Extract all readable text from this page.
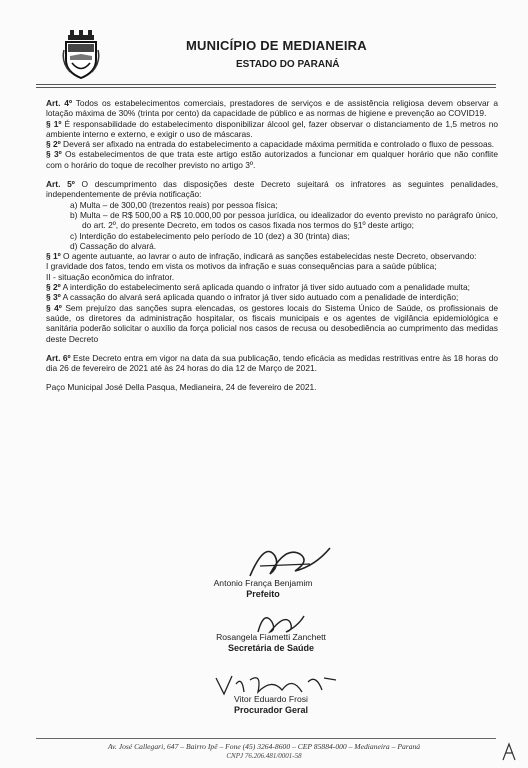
MUNICÍPIO DE MEDIANEIRA
ESTADO DO PARANÁ

Art. 4º Todos os estabelecimentos comerciais, prestadores de serviços e de assistência religiosa devem observar a lotação máxima de 30% (trinta por cento) da capacidade de público e as normas de higiene e prevenção ao COVID19.

§ 1º É responsabilidade do estabelecimento disponibilizar álcool gel, fazer observar o distanciamento de 1,5 metros no ambiente interno e externo, e exigir o uso de máscaras.

§ 2º Deverá ser afixado na entrada do estabelecimento a capacidade máxima permitida e controlado o fluxo de pessoas.

§ 3º Os estabelecimentos de que trata este artigo estão autorizados a funcionar em qualquer horário que não conflite com o horário do toque de recolher previsto no artigo 3º.

Art. 5º O descumprimento das disposições deste Decreto sujeitará os infratores as seguintes penalidades, independentemente de prévia notificação:

a) Multa – de 300,00 (trezentos reais) por pessoa física;
b) Multa – de R$ 500,00 a R$ 10.000,00 por pessoa jurídica, ou idealizador do evento previsto no parágrafo único, do art. 2º, do presente Decreto, em todos os casos fixada nos termos do §1º deste artigo;
c) Interdição do estabelecimento pelo período de 10 (dez) a 30 (trinta) dias;
d) Cassação do alvará.

§ 1º O agente autuante, ao lavrar o auto de infração, indicará as sanções estabelecidas neste Decreto, observando:

I gravidade dos fatos, tendo em vista os motivos da infração e suas consequências para a saúde pública;

II - situação econômica do infrator.

§ 2º A interdição do estabelecimento será aplicada quando o infrator já tiver sido autuado com a penalidade multa;

§ 3º A cassação do alvará será aplicada quando o infrator já tiver sido autuado com a penalidade de interdição;

§ 4º Sem prejuízo das sanções supra elencadas, os gestores locais do Sistema Único de Saúde, os profissionais de saúde, os diretores da administração hospitalar, os fiscais municipais e os agentes de vigilância epidemiológica e sanitária poderão solicitar o auxílio da força policial nos casos de recusa ou desobediência ao cumprimento das medidas deste Decreto

Art. 6º Este Decreto entra em vigor na data da sua publicação, tendo eficácia as medidas restritivas entre às 18 horas do dia 26 de fevereiro de 2021 até às 24 horas do dia 12 de Março de 2021.

Paço Municipal José Della Pasqua, Medianeira, 24 de fevereiro de 2021.

Antonio França Benjamim
Prefeito
Rosangela Fiametti Zanchett
Secretária de Saúde
Vitor Eduardo Frosi
Procurador Geral
Av. José Callegari, 647 – Bairro Ipê – Fone (45) 3264-8600 – CEP 85884-000 – Medianeira – Paraná
CNPJ 76.206.481/0001-58
